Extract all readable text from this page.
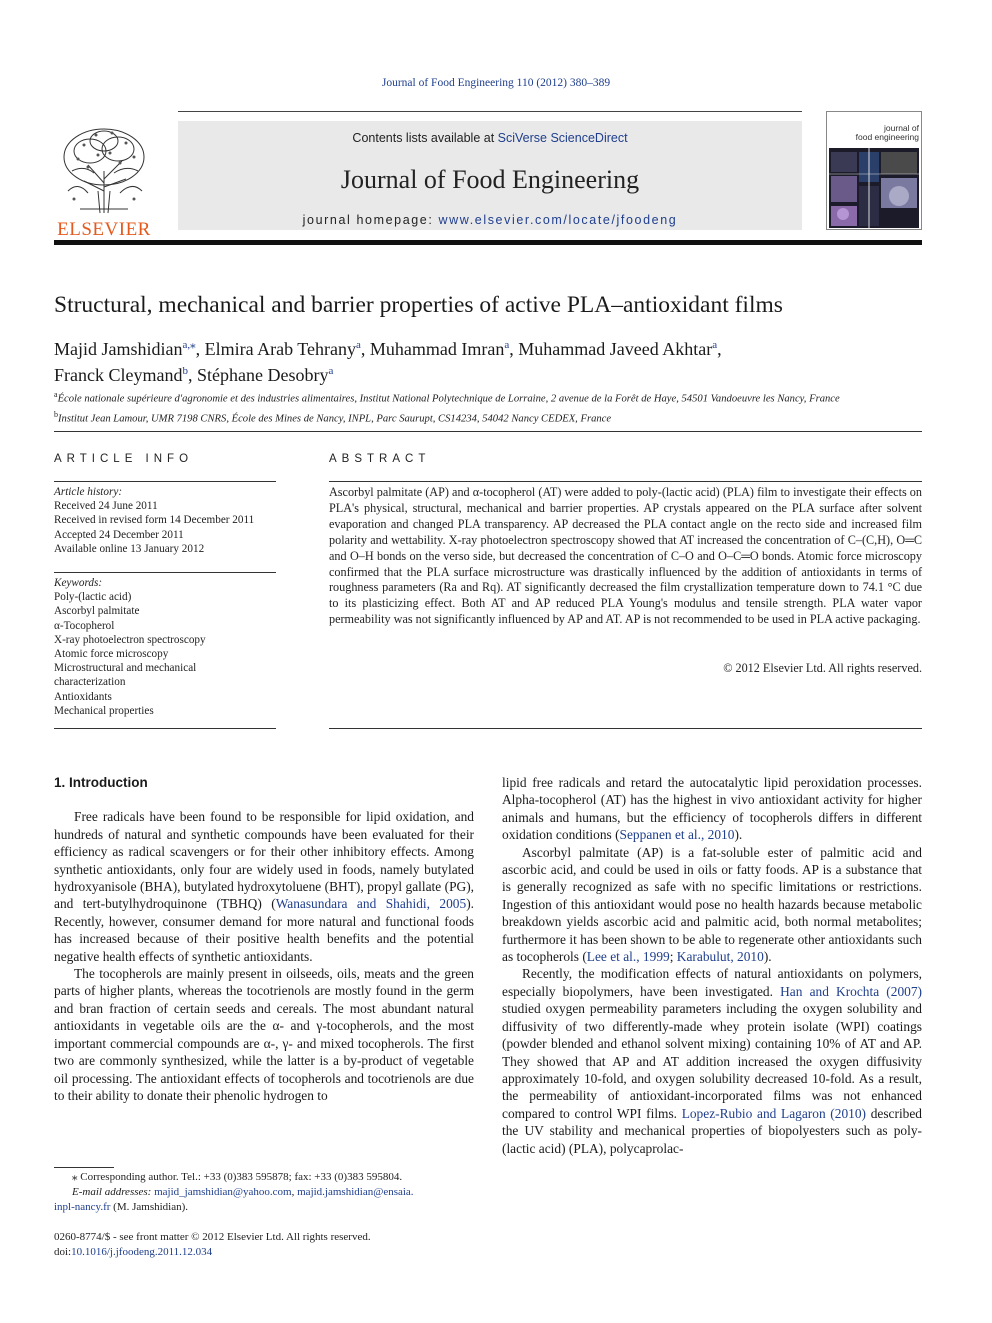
Journal of Food Engineering 110 (2012) 380–389
ELSEVIER
Contents lists available at SciVerse ScienceDirect
Journal of Food Engineering
journal homepage: www.elsevier.com/locate/jfoodeng
journal of
food engineering
Structural, mechanical and barrier properties of active PLA–antioxidant films
Majid Jamshidian$^{a,⁎}$, Elmira Arab Tehrany$^a$, Muhammad Imran$^a$, Muhammad Javeed Akhtar$^a$,
Franck Cleymand$^b$, Stéphane Desobry$^a$
$^a$École nationale supérieure d'agronomie et des industries alimentaires, Institut National Polytechnique de Lorraine, 2 avenue de la Forêt de Haye, 54501 Vandoeuvre les Nancy, France
$^b$Institut Jean Lamour, UMR 7198 CNRS, École des Mines de Nancy, INPL, Parc Saurupt, CS14234, 54042 Nancy CEDEX, France
ARTICLE INFO
Article history:
Received 24 June 2011
Received in revised form 14 December 2011
Accepted 24 December 2011
Available online 13 January 2012
Keywords:
Poly-(lactic acid)
Ascorbyl palmitate
α-Tocopherol
X-ray photoelectron spectroscopy
Atomic force microscopy
Microstructural and mechanical
characterization
Antioxidants
Mechanical properties
ABSTRACT
Ascorbyl palmitate (AP) and α-tocopherol (AT) were added to poly-(lactic acid) (PLA) film to investigate their effects on PLA's physical, structural, mechanical and barrier properties. AP crystals appeared on the PLA surface after solvent evaporation and changed PLA transparency. AP decreased the PLA contact angle on the recto side and increased film polarity and wettability. X-ray photoelectron spectroscopy showed that AT increased the concentration of C–(C,H), O═C and O–H bonds on the verso side, but decreased the concentration of C–O and O–C═O bonds. Atomic force microscopy confirmed that the PLA surface microstructure was drastically influenced by the addition of antioxidants in terms of roughness parameters (Ra and Rq). AT significantly decreased the film crystallization temperature down to 74.1 °C due to its plasticizing effect. Both AT and AP reduced PLA Young's modulus and tensile strength. PLA water vapor permeability was not significantly influenced by AP and AT. AP is not recommended to be used in PLA active packaging.
© 2012 Elsevier Ltd. All rights reserved.
1. Introduction

Free radicals have been found to be responsible for lipid oxidation, and hundreds of natural and synthetic compounds have been evaluated for their efficiency as radical scavengers or for their other inhibitory effects. Among synthetic antioxidants, only four are widely used in foods, namely butylated hydroxyanisole (BHA), butylated hydroxytoluene (BHT), propyl gallate (PG), and tert-butylhydroquinone (TBHQ) (Wanasundara and Shahidi, 2005). Recently, however, consumer demand for more natural and functional foods has increased because of their positive health benefits and the potential negative health effects of synthetic antioxidants.

The tocopherols are mainly present in oilseeds, oils, meats and the green parts of higher plants, whereas the tocotrienols are mostly found in the germ and bran fraction of certain seeds and cereals. The most abundant natural antioxidants in vegetable oils are the α- and γ-tocopherols, and the most important commercial compounds are α-, γ- and mixed tocopherols. The first two are commonly synthesized, while the latter is a by-product of vegetable oil processing. The antioxidant effects of tocopherols and tocotrienols are due to their ability to donate their phenolic hydrogen to

lipid free radicals and retard the autocatalytic lipid peroxidation processes. Alpha-tocopherol (AT) has the highest in vivo antioxidant activity for higher animals and humans, but the efficiency of tocopherols differs in different oxidation conditions (Seppanen et al., 2010).

Ascorbyl palmitate (AP) is a fat-soluble ester of palmitic acid and ascorbic acid, and could be used in oils or fatty foods. AP is a substance that is generally recognized as safe with no specific limitations or restrictions. Ingestion of this antioxidant would pose no health hazards because metabolic breakdown yields ascorbic acid and palmitic acid, both normal metabolites; furthermore it has been shown to be able to regenerate other antioxidants such as tocopherols (Lee et al., 1999; Karabulut, 2010).

Recently, the modification effects of natural antioxidants on polymers, especially biopolymers, have been investigated. Han and Krochta (2007) studied oxygen permeability parameters including the oxygen solubility and diffusivity of two differently-made whey protein isolate (WPI) coatings (powder blended and ethanol solvent mixing) containing 10% of AT and AP. They showed that AP and AT addition increased the oxygen diffusivity approximately 10-fold, and oxygen solubility decreased 10-fold. As a result, the permeability of antioxidant-incorporated films was not enhanced compared to control WPI films. Lopez-Rubio and Lagaron (2010) described the UV stability and mechanical properties of biopolyesters such as poly-(lactic acid) (PLA), polycaprolac-

⁎ Corresponding author. Tel.: +33 (0)383 595878; fax: +33 (0)383 595804.
E-mail addresses: majid_jamshidian@yahoo.com, majid.jamshidian@ensaia.
inpl-nancy.fr (M. Jamshidian).
0260-8774/$ - see front matter © 2012 Elsevier Ltd. All rights reserved.
doi:10.1016/j.jfoodeng.2011.12.034
